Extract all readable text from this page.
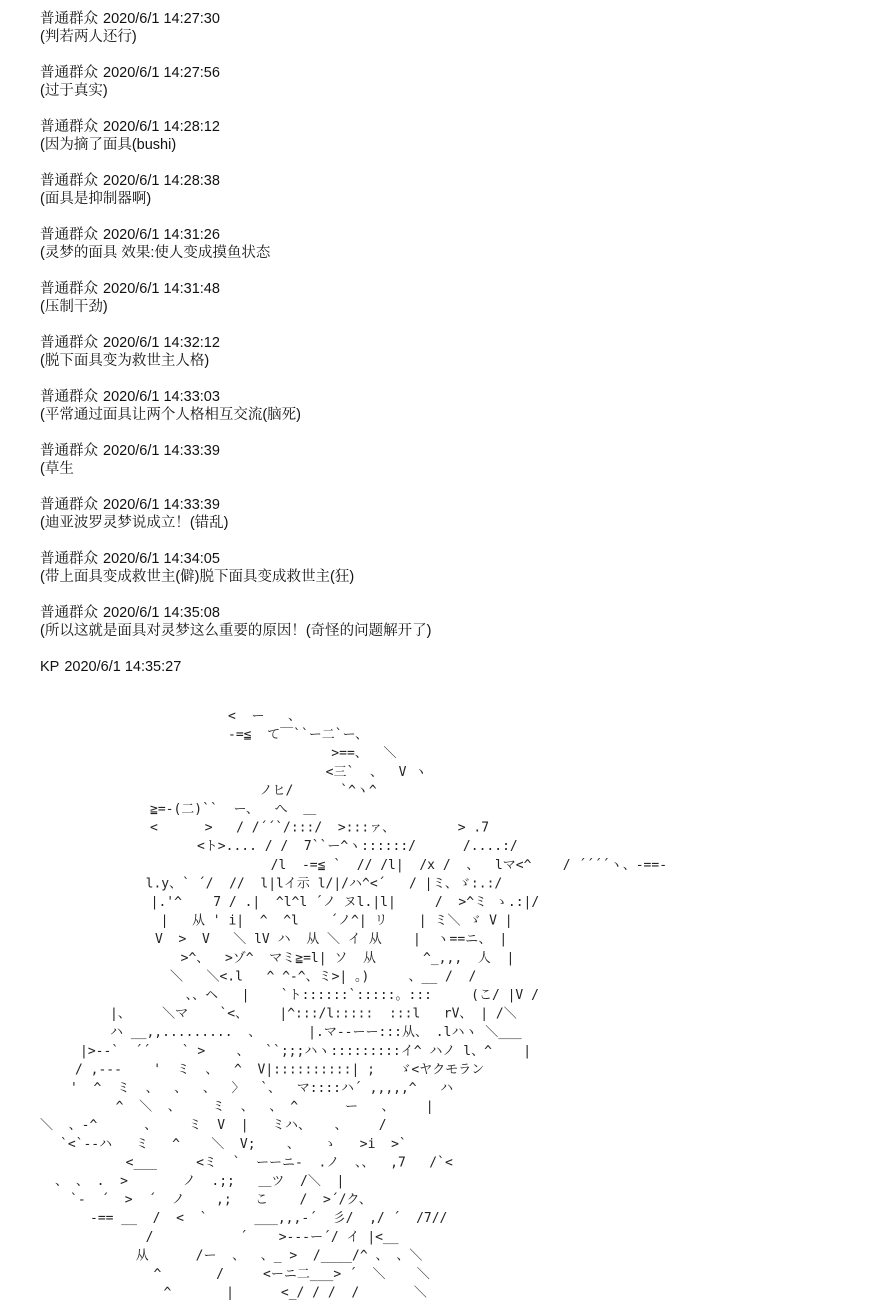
普通群众 2020/6/1 14:27:30
(判若两人还行)
普通群众 2020/6/1 14:27:56
(过于真实)
普通群众 2020/6/1 14:28:12
(因为摘了面具(bushi)
普通群众 2020/6/1 14:28:38
(面具是抑制器啊)
普通群众 2020/6/1 14:31:26
(灵梦的面具 效果:使人变成摸鱼状态
普通群众 2020/6/1 14:31:48
(压制干劲)
普通群众 2020/6/1 14:32:12
(脱下面具变为救世主人格)
普通群众 2020/6/1 14:33:03
(平常通过面具让两个人格相互交流(脑死)
普通群众 2020/6/1 14:33:39
(草生
普通群众 2020/6/1 14:33:39
(迪亚波罗灵梦说成立！(错乱)
普通群众 2020/6/1 14:34:05
(带上面具变成救世主(僻)脱下面具变成救世主(狂)
普通群众 2020/6/1 14:35:08
(所以这就是面具对灵梦这么重要的原因！(奇怪的问题解开了)
KP 2020/6/1 14:35:27
<  ー   、
-=≦  て￣``ー二`ー、
>==、  ＼
<三`  、  V ヽ
ノヒ/      `^ヽ^
≧=-(二)``  ー、  へ  ＿
<      >   / /´´`/:::/  >:::ァ、        > .7
<ト>.... / /  7``ー^ヽ::::::/      /....:/
/l  -=≦ `  // /l|  /x /  、  lマ<^    / ´´´´ヽ、-==-
l.y、` ´/  //  l|lイ示 l/|/ハ^<´   / |ミ、ゞ:.:/
|.'^    7 / .|  ^l^l ´ノ ヌl.|l|     /  >^ミ ゝ.:|/
|   从 ' i|  ^  ^l    ´ノ^| リ    | ミ＼ ゞ V |
V  >  V   ＼ lV ハ  从 ＼ イ 从    |  ヽ==ニ、 |
>^、  >ゾ^  マミ≧=l| ソ  从      ^_,,,  人  |
＼   ＼<.l   ^ ^-^、ミ>| 。)     、__ /  /
、、ヘ   |    `ト::::::`:::::。:::     (こ/ |V /
|、    ＼マ    `<、    |^:::/l:::::  :::l   rV、 | /＼
ハ __,,.........  、      |.マ--ーー:::从、 .lハヽ ＼___
|>--`  ´´    ` >    、  ``;;;ハヽ:::::::::イ^ ハノ l、^    |
/ ,---    '  ミ  、  ^  V|::::::::::| ;   ゞ<ヤクモラン
'  ^  ミ  、  、  、  〉  `、  マ::::ハ´ ,,,,,^   ハ
^  ＼  、    ミ  、  、 ^      ー   、    |
＼  、-^      、    ミ  V  |   ミハ、   、    /
`<`--ハ   ミ   ^    ＼  V;    、   ゝ   >i  >`
<___     <ミ  `  ーーニ-  .ノ  、、  ,7   /`<
、 、 .  >       ノ  .;;   ＿ツ  /＼  |
`-  ´  >  ´  ノ    ,;   こ    /  >´/ク、
-== __  /  <  `      ___,,,-´  彡/  ,/ ´  /7//
/           ´    >---ー´/ イ |<__
从      /ー  、  、_ >  /____/^ 、 、＼
^       /     <ーニ二___> ´  ＼    ＼
^       |      <_/ / /  /       ＼
